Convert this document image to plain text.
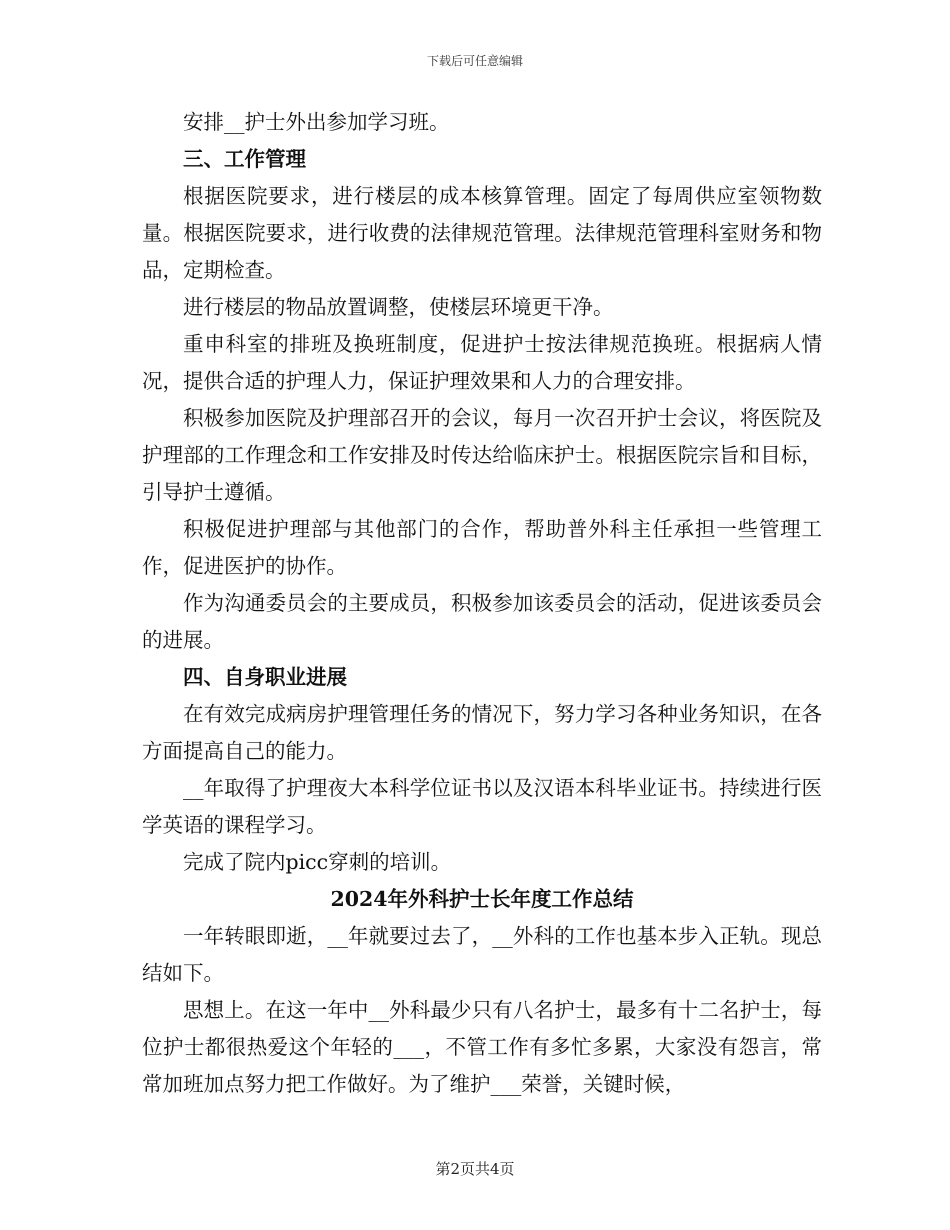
下载后可任意编辑

安排__护士外出参加学习班。

三、工作管理

根据医院要求，进行楼层的成本核算管理。固定了每周供应室领物数量。根据医院要求，进行收费的法律规范管理。法律规范管理科室财务和物品，定期检查。

进行楼层的物品放置调整，使楼层环境更干净。

重申科室的排班及换班制度，促进护士按法律规范换班。根据病人情况，提供合适的护理人力，保证护理效果和人力的合理安排。

积极参加医院及护理部召开的会议，每月一次召开护士会议，将医院及护理部的工作理念和工作安排及时传达给临床护士。根据医院宗旨和目标，引导护士遵循。

积极促进护理部与其他部门的合作，帮助普外科主任承担一些管理工作，促进医护的协作。

作为沟通委员会的主要成员，积极参加该委员会的活动，促进该委员会的进展。

四、自身职业进展

在有效完成病房护理管理任务的情况下，努力学习各种业务知识，在各方面提高自己的能力。

__年取得了护理夜大本科学位证书以及汉语本科毕业证书。持续进行医学英语的课程学习。

完成了院内picc穿刺的培训。

2024年外科护士长年度工作总结

一年转眼即逝，__年就要过去了，__外科的工作也基本步入正轨。现总结如下。

思想上。在这一年中__外科最少只有八名护士，最多有十二名护士，每位护士都很热爱这个年轻的___，不管工作有多忙多累，大家没有怨言，常常加班加点努力把工作做好。为了维护___荣誉，关键时候，

第2页共4页
